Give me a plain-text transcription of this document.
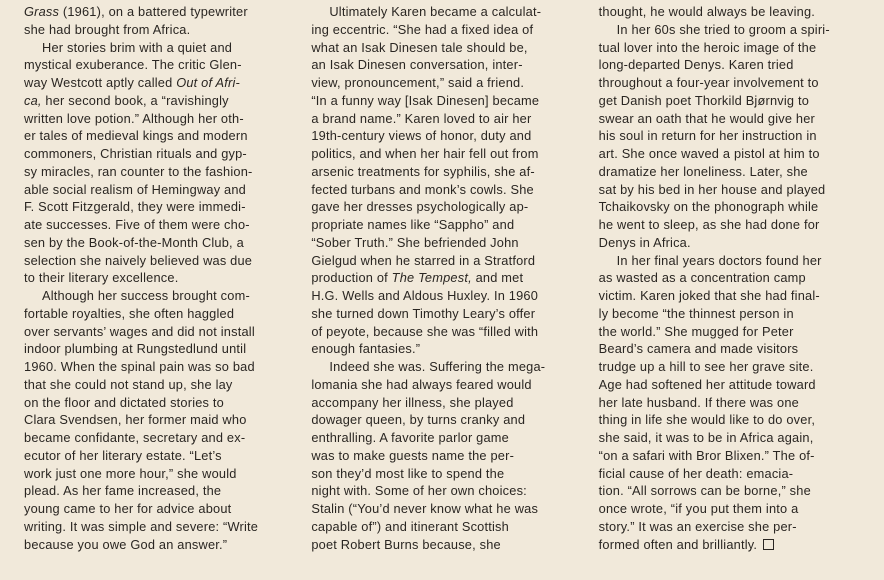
Grass (1961), on a battered typewriter
she had brought from Africa.
Her stories brim with a quiet and
mystical exuberance. The critic Glen-
way Westcott aptly called Out of Afri-
ca, her second book, a “ravishingly
written love potion.” Although her oth-
er tales of medieval kings and modern
commoners, Christian rituals and gyp-
sy miracles, ran counter to the fashion-
able social realism of Hemingway and
F. Scott Fitzgerald, they were immedi-
ate successes. Five of them were cho-
sen by the Book-of-the-Month Club, a
selection she naively believed was due
to their literary excellence.
Although her success brought com-
fortable royalties, she often haggled
over servants’ wages and did not install
indoor plumbing at Rungstedlund until
1960. When the spinal pain was so bad
that she could not stand up, she lay
on the floor and dictated stories to
Clara Svendsen, her former maid who
became confidante, secretary and ex-
ecutor of her literary estate. “Let’s
work just one more hour,” she would
plead. As her fame increased, the
young came to her for advice about
writing. It was simple and severe: “Write
because you owe God an answer.”
Ultimately Karen became a calculat-
ing eccentric. “She had a fixed idea of
what an Isak Dinesen tale should be,
an Isak Dinesen conversation, inter-
view, pronouncement,” said a friend.
“In a funny way [Isak Dinesen] became
a brand name.” Karen loved to air her
19th-century views of honor, duty and
politics, and when her hair fell out from
arsenic treatments for syphilis, she af-
fected turbans and monk’s cowls. She
gave her dresses psychologically ap-
propriate names like “Sappho” and
“Sober Truth.” She befriended John
Gielgud when he starred in a Stratford
production of The Tempest, and met
H.G. Wells and Aldous Huxley. In 1960
she turned down Timothy Leary’s offer
of peyote, because she was “filled with
enough fantasies.”
Indeed she was. Suffering the mega-
lomania she had always feared would
accompany her illness, she played
dowager queen, by turns cranky and
enthralling. A favorite parlor game
was to make guests name the per-
son they’d most like to spend the
night with. Some of her own choices:
Stalin (“You’d never know what he was
capable of”) and itinerant Scottish
poet Robert Burns because, she
thought, he would always be leaving.
In her 60s she tried to groom a spiri-
tual lover into the heroic image of the
long-departed Denys. Karen tried
throughout a four-year involvement to
get Danish poet Thorkild Bjørnvig to
swear an oath that he would give her
his soul in return for her instruction in
art. She once waved a pistol at him to
dramatize her loneliness. Later, she
sat by his bed in her house and played
Tchaikovsky on the phonograph while
he went to sleep, as she had done for
Denys in Africa.
In her final years doctors found her
as wasted as a concentration camp
victim. Karen joked that she had final-
ly become “the thinnest person in
the world.” She mugged for Peter
Beard’s camera and made visitors
trudge up a hill to see her grave site.
Age had softened her attitude toward
her late husband. If there was one
thing in life she would like to do over,
she said, it was to be in Africa again,
“on a safari with Bror Blixen.” The of-
ficial cause of her death: emacia-
tion. “All sorrows can be borne,” she
once wrote, “if you put them into a
story.” It was an exercise she per-
formed often and brilliantly.
